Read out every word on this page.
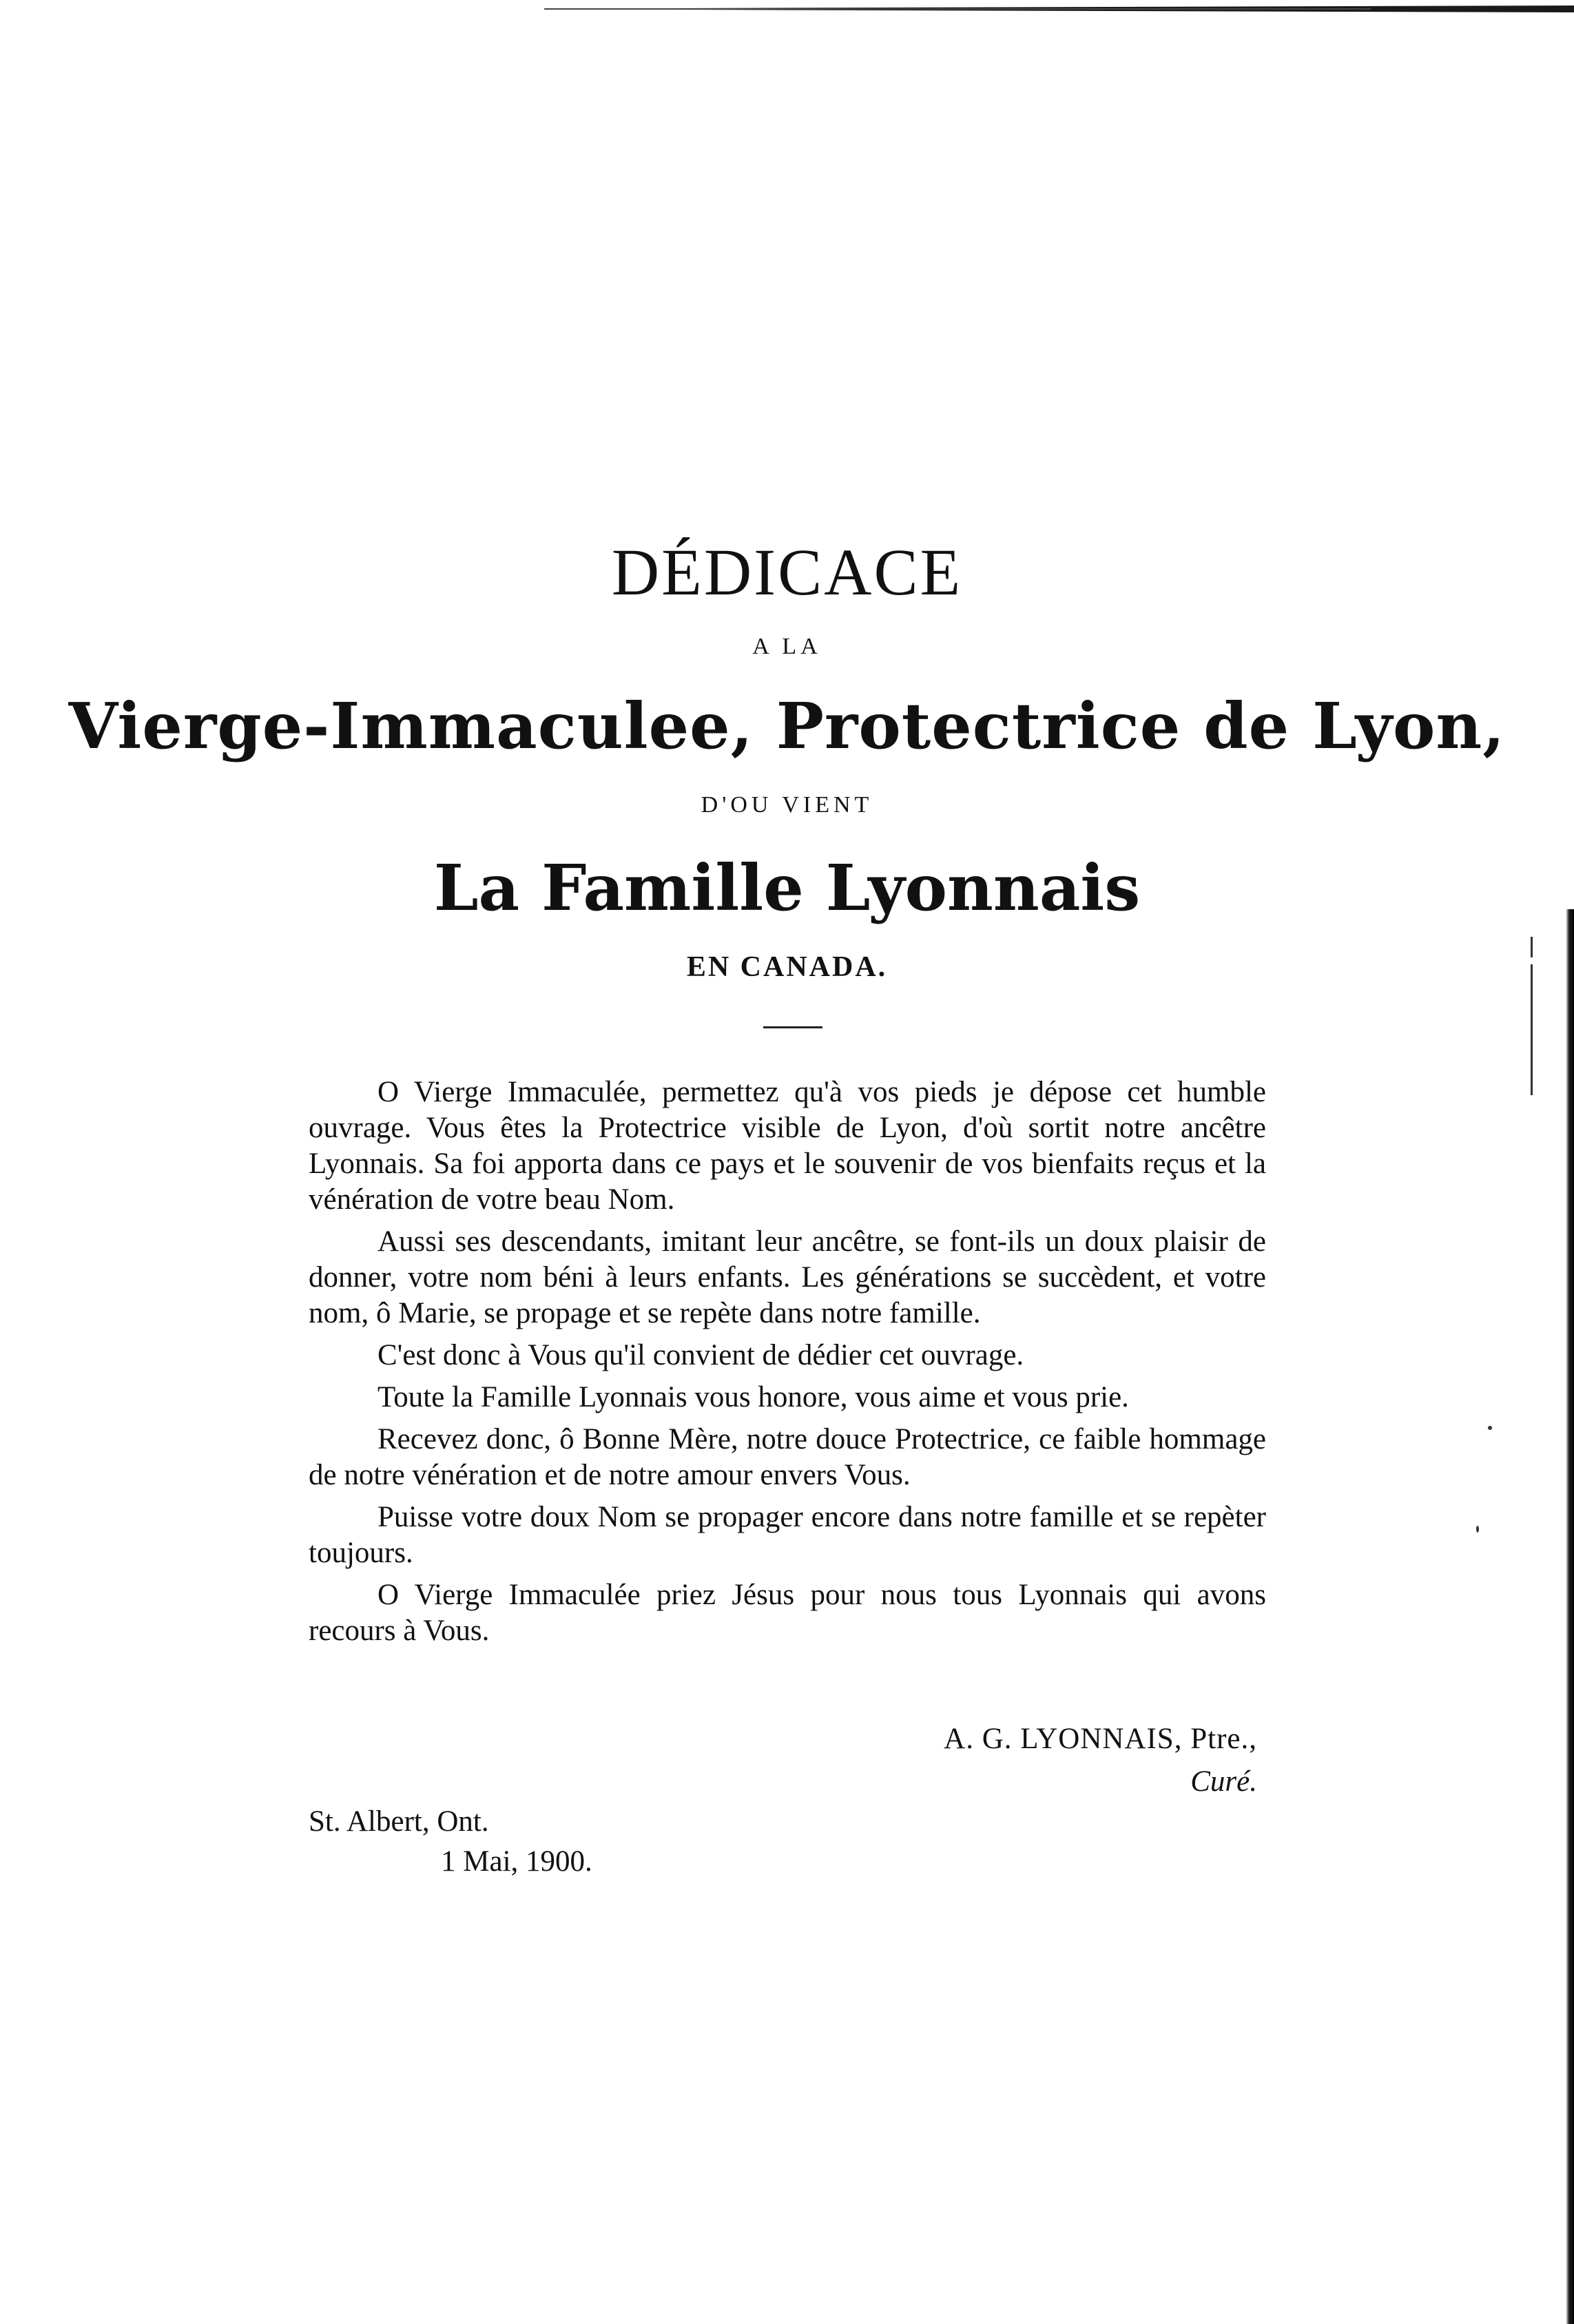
DÉDICACE
A LA
Vierge-Immaculee, Protectrice de Lyon,
D'OU VIENT
La Famille Lyonnais
EN CANADA.

O Vierge Immaculée, permettez qu'à vos pieds je dépose cet humble ouvrage. Vous êtes la Protectrice visible de Lyon, d'où sortit notre ancêtre Lyonnais. Sa foi apporta dans ce pays et le souvenir de vos bienfaits reçus et la vénération de votre beau Nom.

Aussi ses descendants, imitant leur ancêtre, se font-ils un doux plaisir de donner, votre nom béni à leurs enfants. Les générations se succèdent, et votre nom, ô Marie, se propage et se repète dans notre famille.

C'est donc à Vous qu'il convient de dédier cet ouvrage.

Toute la Famille Lyonnais vous honore, vous aime et vous prie.

Recevez donc, ô Bonne Mère, notre douce Protectrice, ce faible hommage de notre vénération et de notre amour envers Vous.

Puisse votre doux Nom se propager encore dans notre famille et se repèter toujours.

O Vierge Immaculée priez Jésus pour nous tous Lyonnais qui avons recours à Vous.

A. G. LYONNAIS, Ptre.,
Curé.
St. Albert, Ont.
1 Mai, 1900.
